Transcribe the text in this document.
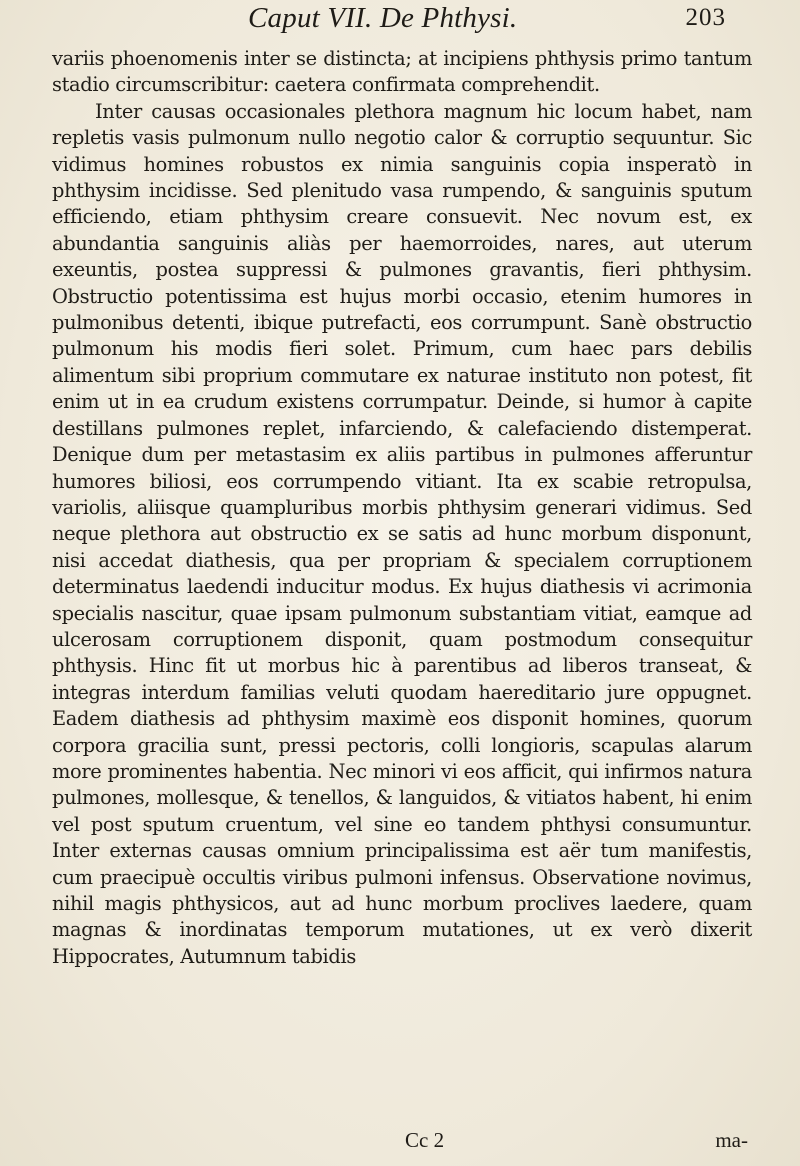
Caput VII. De Phthysi.	203

variis phoenomenis inter se distincta; at incipiens phthysis primo tantum stadio circumscribitur: caetera confirmata comprehendit.

Inter causas occasionales plethora magnum hic locum habet, nam repletis vasis pulmonum nullo negotio calor & corruptio sequuntur. Sic vidimus homines robustos ex nimia sanguinis copia insperatò in phthysim incidisse. Sed plenitudo vasa rumpendo, & sanguinis sputum efficiendo, etiam phthysim creare consuevit. Nec novum est, ex abundantia sanguinis aliàs per haemorroides, nares, aut uterum exeuntis, postea suppressi & pulmones gravantis, fieri phthysim. Obstructio potentissima est hujus morbi occasio, etenim humores in pulmonibus detenti, ibique putrefacti, eos corrumpunt. Sanè obstructio pulmonum his modis fieri solet. Primum, cum haec pars debilis alimentum sibi proprium commutare ex naturae instituto non potest, fit enim ut in ea crudum existens corrumpatur. Deinde, si humor à capite destillans pulmones replet, infarciendo, & calefaciendo distemperat. Denique dum per metastasim ex aliis partibus in pulmones afferuntur humores biliosi, eos corrumpendo vitiant. Ita ex scabie retropulsa, variolis, aliisque quampluribus morbis phthysim generari vidimus. Sed neque plethora aut obstructio ex se satis ad hunc morbum disponunt, nisi accedat diathesis, qua per propriam & specialem corruptionem determinatus laedendi inducitur modus. Ex hujus diathesis vi acrimonia specialis nascitur, quae ipsam pulmonum substantiam vitiat, eamque ad ulcerosam corruptionem disponit, quam postmodum consequitur phthysis. Hinc fit ut morbus hic à parentibus ad liberos transeat, & integras interdum familias veluti quodam haereditario jure oppugnet. Eadem diathesis ad phthysim maximè eos disponit homines, quorum corpora gracilia sunt, pressi pectoris, colli longioris, scapulas alarum more prominentes habentia. Nec minori vi eos afficit, qui infirmos natura pulmones, mollesque, & tenellos, & languidos, & vitiatos habent, hi enim vel post sputum cruentum, vel sine eo tandem phthysi consumuntur. Inter externas causas omnium principalissima est aër tum manifestis, cum praecipuè occultis viribus pulmoni infensus. Observatione novimus, nihil magis phthysicos, aut ad hunc morbum proclives laedere, quam magnas & inordinatas temporum mutationes, ut ex verò dixerit Hippocrates, Autumnum tabidis

Cc 2	ma-
